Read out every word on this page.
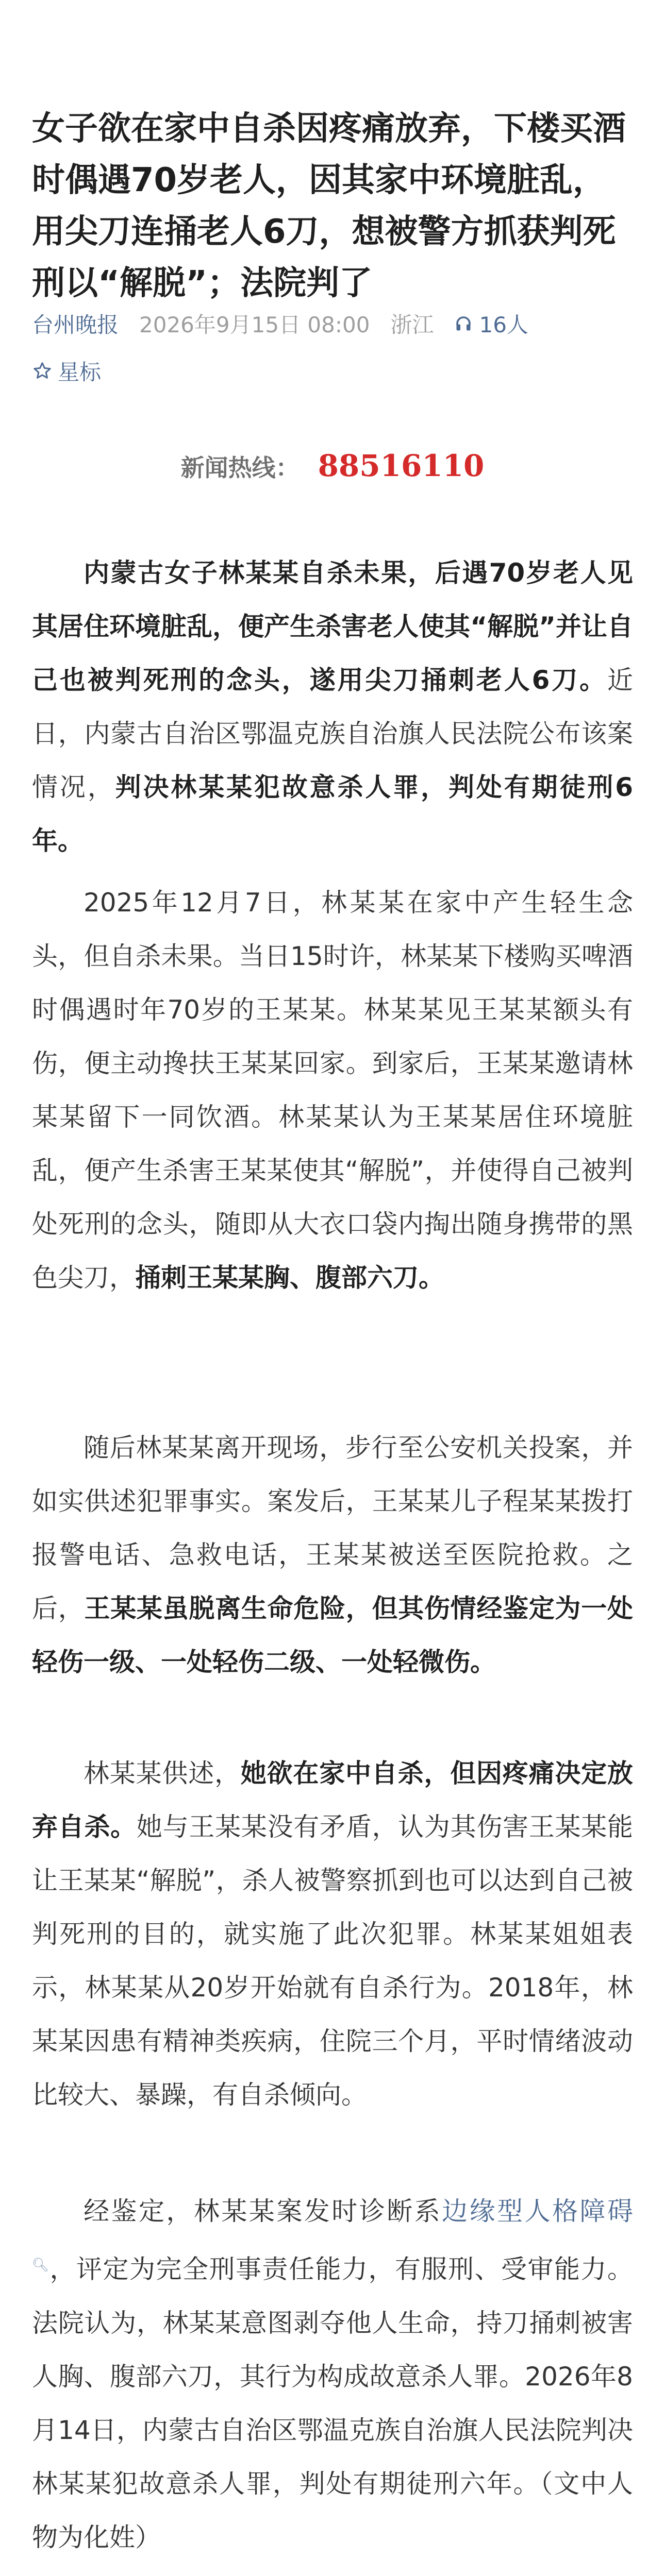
女子欲在家中自杀因疼痛放弃，下楼买酒时偶遇70岁老人，因其家中环境脏乱，用尖刀连捅老人6刀，想被警方抓获判死刑以“解脱”；法院判了
台州晚报 2026年9月15日 08:00 浙江 16人
星标
新闻热线： 88516110

内蒙古女子林某某自杀未果，后遇70岁老人见其居住环境脏乱，便产生杀害老人使其“解脱”并让自己也被判死刑的念头，遂用尖刀捅刺老人6刀。近日，内蒙古自治区鄂温克族自治旗人民法院公布该案情况，判决林某某犯故意杀人罪，判处有期徒刑6年。

2025年12月7日，林某某在家中产生轻生念头，但自杀未果。当日15时许，林某某下楼购买啤酒时偶遇时年70岁的王某某。林某某见王某某额头有伤，便主动搀扶王某某回家。到家后，王某某邀请林某某留下一同饮酒。林某某认为王某某居住环境脏乱，便产生杀害王某某使其“解脱”，并使得自己被判处死刑的念头，随即从大衣口袋内掏出随身携带的黑色尖刀，捅刺王某某胸、腹部六刀。

随后林某某离开现场，步行至公安机关投案，并如实供述犯罪事实。案发后，王某某儿子程某某拨打报警电话、急救电话，王某某被送至医院抢救。之后，王某某虽脱离生命危险，但其伤情经鉴定为一处轻伤一级、一处轻伤二级、一处轻微伤。

林某某供述，她欲在家中自杀，但因疼痛决定放弃自杀。她与王某某没有矛盾，认为其伤害王某某能让王某某“解脱”，杀人被警察抓到也可以达到自己被判死刑的目的，就实施了此次犯罪。林某某姐姐表示，林某某从20岁开始就有自杀行为。2018年，林某某因患有精神类疾病，住院三个月，平时情绪波动比较大、暴躁，有自杀倾向。

经鉴定，林某某案发时诊断系边缘型人格障碍🔍︎，评定为完全刑事责任能力，有服刑、受审能力。法院认为，林某某意图剥夺他人生命，持刀捅刺被害人胸、腹部六刀，其行为构成故意杀人罪。2026年8月14日，内蒙古自治区鄂温克族自治旗人民法院判决林某某犯故意杀人罪，判处有期徒刑六年。（文中人物为化姓）
